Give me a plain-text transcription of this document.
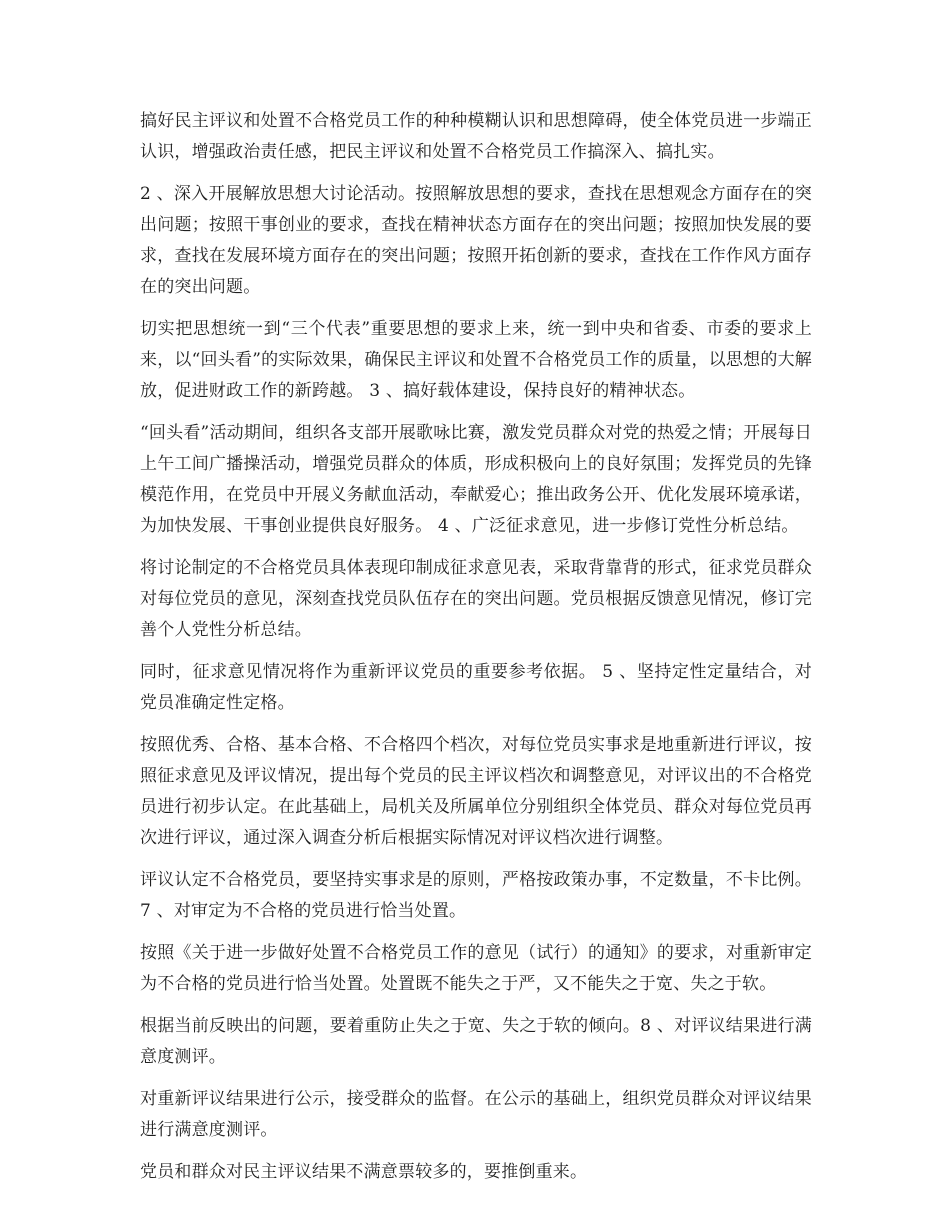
搞好民主评议和处置不合格党员工作的种种模糊认识和思想障碍，使全体党员进一步端正认识，增强政治责任感，把民主评议和处置不合格党员工作搞深入、搞扎实。

2 、深入开展解放思想大讨论活动。按照解放思想的要求，查找在思想观念方面存在的突出问题；按照干事创业的要求，查找在精神状态方面存在的突出问题；按照加快发展的要求，查找在发展环境方面存在的突出问题；按照开拓创新的要求，查找在工作作风方面存在的突出问题。

切实把思想统一到“三个代表”重要思想的要求上来，统一到中央和省委、市委的要求上来，以“回头看”的实际效果，确保民主评议和处置不合格党员工作的质量，以思想的大解放，促进财政工作的新跨越。 3 、搞好载体建设，保持良好的精神状态。

“回头看”活动期间，组织各支部开展歌咏比赛，激发党员群众对党的热爱之情；开展每日上午工间广播操活动，增强党员群众的体质，形成积极向上的良好氛围；发挥党员的先锋模范作用，在党员中开展义务献血活动，奉献爱心；推出政务公开、优化发展环境承诺，为加快发展、干事创业提供良好服务。 4 、广泛征求意见，进一步修订党性分析总结。

将讨论制定的不合格党员具体表现印制成征求意见表，采取背靠背的形式，征求党员群众对每位党员的意见，深刻查找党员队伍存在的突出问题。党员根据反馈意见情况，修订完善个人党性分析总结。

同时，征求意见情况将作为重新评议党员的重要参考依据。 5 、坚持定性定量结合，对党员准确定性定格。

按照优秀、合格、基本合格、不合格四个档次，对每位党员实事求是地重新进行评议，按照征求意见及评议情况，提出每个党员的民主评议档次和调整意见，对评议出的不合格党员进行初步认定。在此基础上，局机关及所属单位分别组织全体党员、群众对每位党员再次进行评议，通过深入调查分析后根据实际情况对评议档次进行调整。

评议认定不合格党员，要坚持实事求是的原则，严格按政策办事，不定数量，不卡比例。7 、对审定为不合格的党员进行恰当处置。

按照《关于进一步做好处置不合格党员工作的意见（试行）的通知》的要求，对重新审定为不合格的党员进行恰当处置。处置既不能失之于严，又不能失之于宽、失之于软。

根据当前反映出的问题，要着重防止失之于宽、失之于软的倾向。8 、对评议结果进行满意度测评。

对重新评议结果进行公示，接受群众的监督。在公示的基础上，组织党员群众对评议结果进行满意度测评。

党员和群众对民主评议结果不满意票较多的，要推倒重来。
